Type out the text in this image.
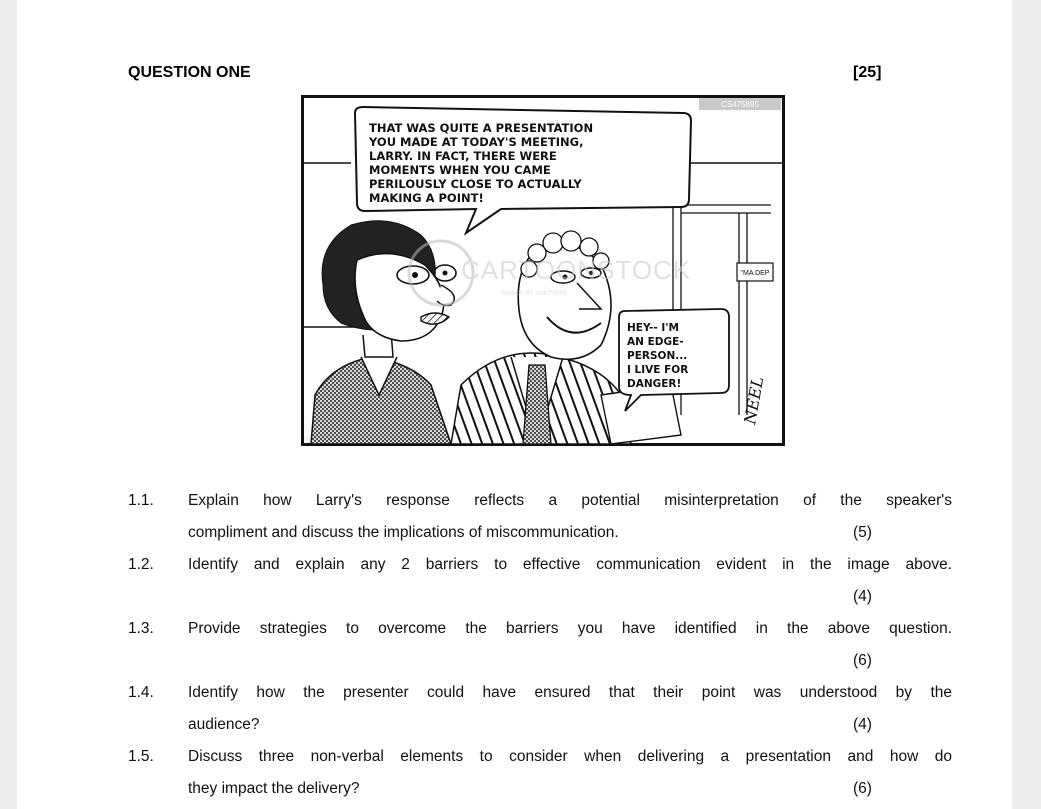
QUESTION ONE	[25]
"MA DEP
CS475895
THAT WAS QUITE A PRESENTATION
YOU MADE AT TODAY'S MEETING,
LARRY. IN FACT, THERE WERE
MOMENTS WHEN YOU CAME
PERILOUSLY CLOSE TO ACTUALLY
MAKING A POINT!
HEY-- I'M
AN EDGE-
PERSON...
I LIVE FOR
DANGER!
CARTOONSTOCK
Search ID: cs475895
NEEL
1.1. Explain how Larry's response reflects a potential misinterpretation of the speaker's
compliment and discuss the implications of miscommunication.	(5)
1.2. Identify and explain any 2 barriers to effective communication evident in the image above.
(4)
1.3. Provide strategies to overcome the barriers you have identified in the above question.
(6)
1.4. Identify how the presenter could have ensured that their point was understood by the
audience?	(4)
1.5. Discuss three non-verbal elements to consider when delivering a presentation and how do
they impact the delivery?	(6)
